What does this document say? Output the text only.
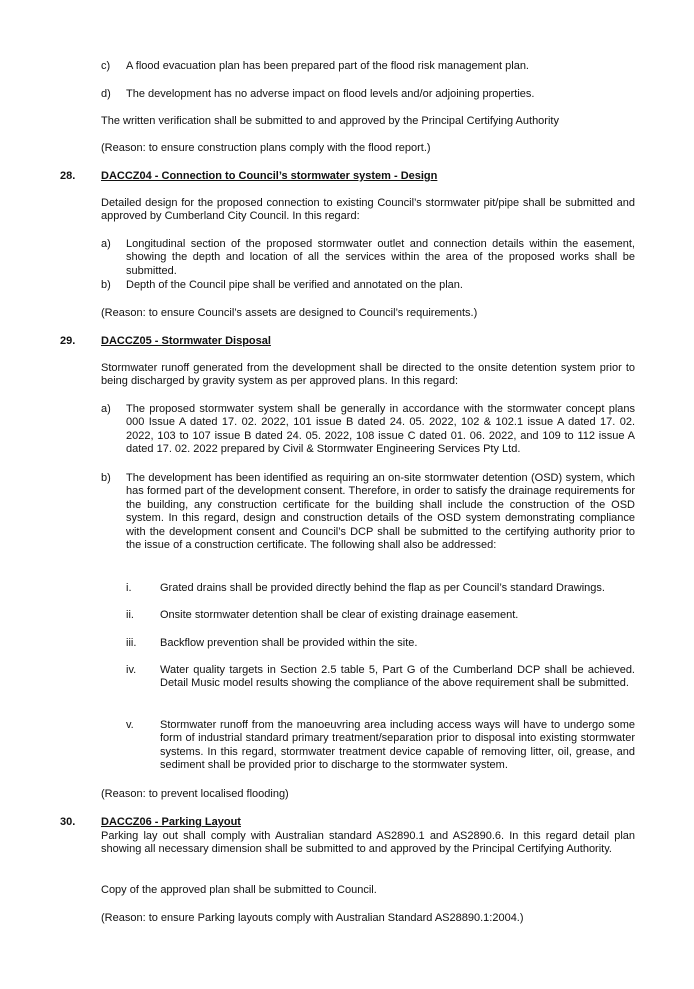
c) A flood evacuation plan has been prepared part of the flood risk management plan.
d) The development has no adverse impact on flood levels and/or adjoining properties.
The written verification shall be submitted to and approved by the Principal Certifying Authority
(Reason: to ensure construction plans comply with the flood report.)
28. DACCZ04 - Connection to Council’s stormwater system - Design
Detailed design for the proposed connection to existing Council’s stormwater pit/pipe shall be submitted and approved by Cumberland City Council. In this regard:
a) Longitudinal section of the proposed stormwater outlet and connection details within the easement, showing the depth and location of all the services within the area of the proposed works shall be submitted.
b) Depth of the Council pipe shall be verified and annotated on the plan.
(Reason: to ensure Council’s assets are designed to Council’s requirements.)
29. DACCZ05 - Stormwater Disposal
Stormwater runoff generated from the development shall be directed to the onsite detention system prior to being discharged by gravity system as per approved plans. In this regard:
a) The proposed stormwater system shall be generally in accordance with the stormwater concept plans 000 Issue A dated 17. 02. 2022, 101 issue B dated 24. 05. 2022, 102 & 102.1 issue A dated 17. 02. 2022, 103 to 107 issue B dated 24. 05. 2022, 108 issue C dated 01. 06. 2022, and 109 to 112 issue A dated 17. 02. 2022 prepared by Civil & Stormwater Engineering Services Pty Ltd.
b) The development has been identified as requiring an on-site stormwater detention (OSD) system, which has formed part of the development consent. Therefore, in order to satisfy the drainage requirements for the building, any construction certificate for the building shall include the construction of the OSD system. In this regard, design and construction details of the OSD system demonstrating compliance with the development consent and Council’s DCP shall be submitted to the certifying authority prior to the issue of a construction certificate. The following shall also be addressed:
i.	Grated drains shall be provided directly behind the flap as per Council’s standard Drawings.
ii. Onsite stormwater detention shall be clear of existing drainage easement.
iii. Backflow prevention shall be provided within the site.
iv. Water quality targets in Section 2.5 table 5, Part G of the Cumberland DCP shall be achieved. Detail Music model results showing the compliance of the above requirement shall be submitted.
v. Stormwater runoff from the manoeuvring area including access ways will have to undergo some form of industrial standard primary treatment/separation prior to disposal into existing stormwater systems. In this regard, stormwater treatment device capable of removing litter, oil, grease, and sediment shall be provided prior to discharge to the stormwater system.
(Reason: to prevent localised flooding)
30. DACCZ06 - Parking Layout
Parking lay out shall comply with Australian standard AS2890.1 and AS2890.6. In this regard detail plan showing all necessary dimension shall be submitted to and approved by the Principal Certifying Authority.
Copy of the approved plan shall be submitted to Council.
(Reason: to ensure Parking layouts comply with Australian Standard AS28890.1:2004.)
